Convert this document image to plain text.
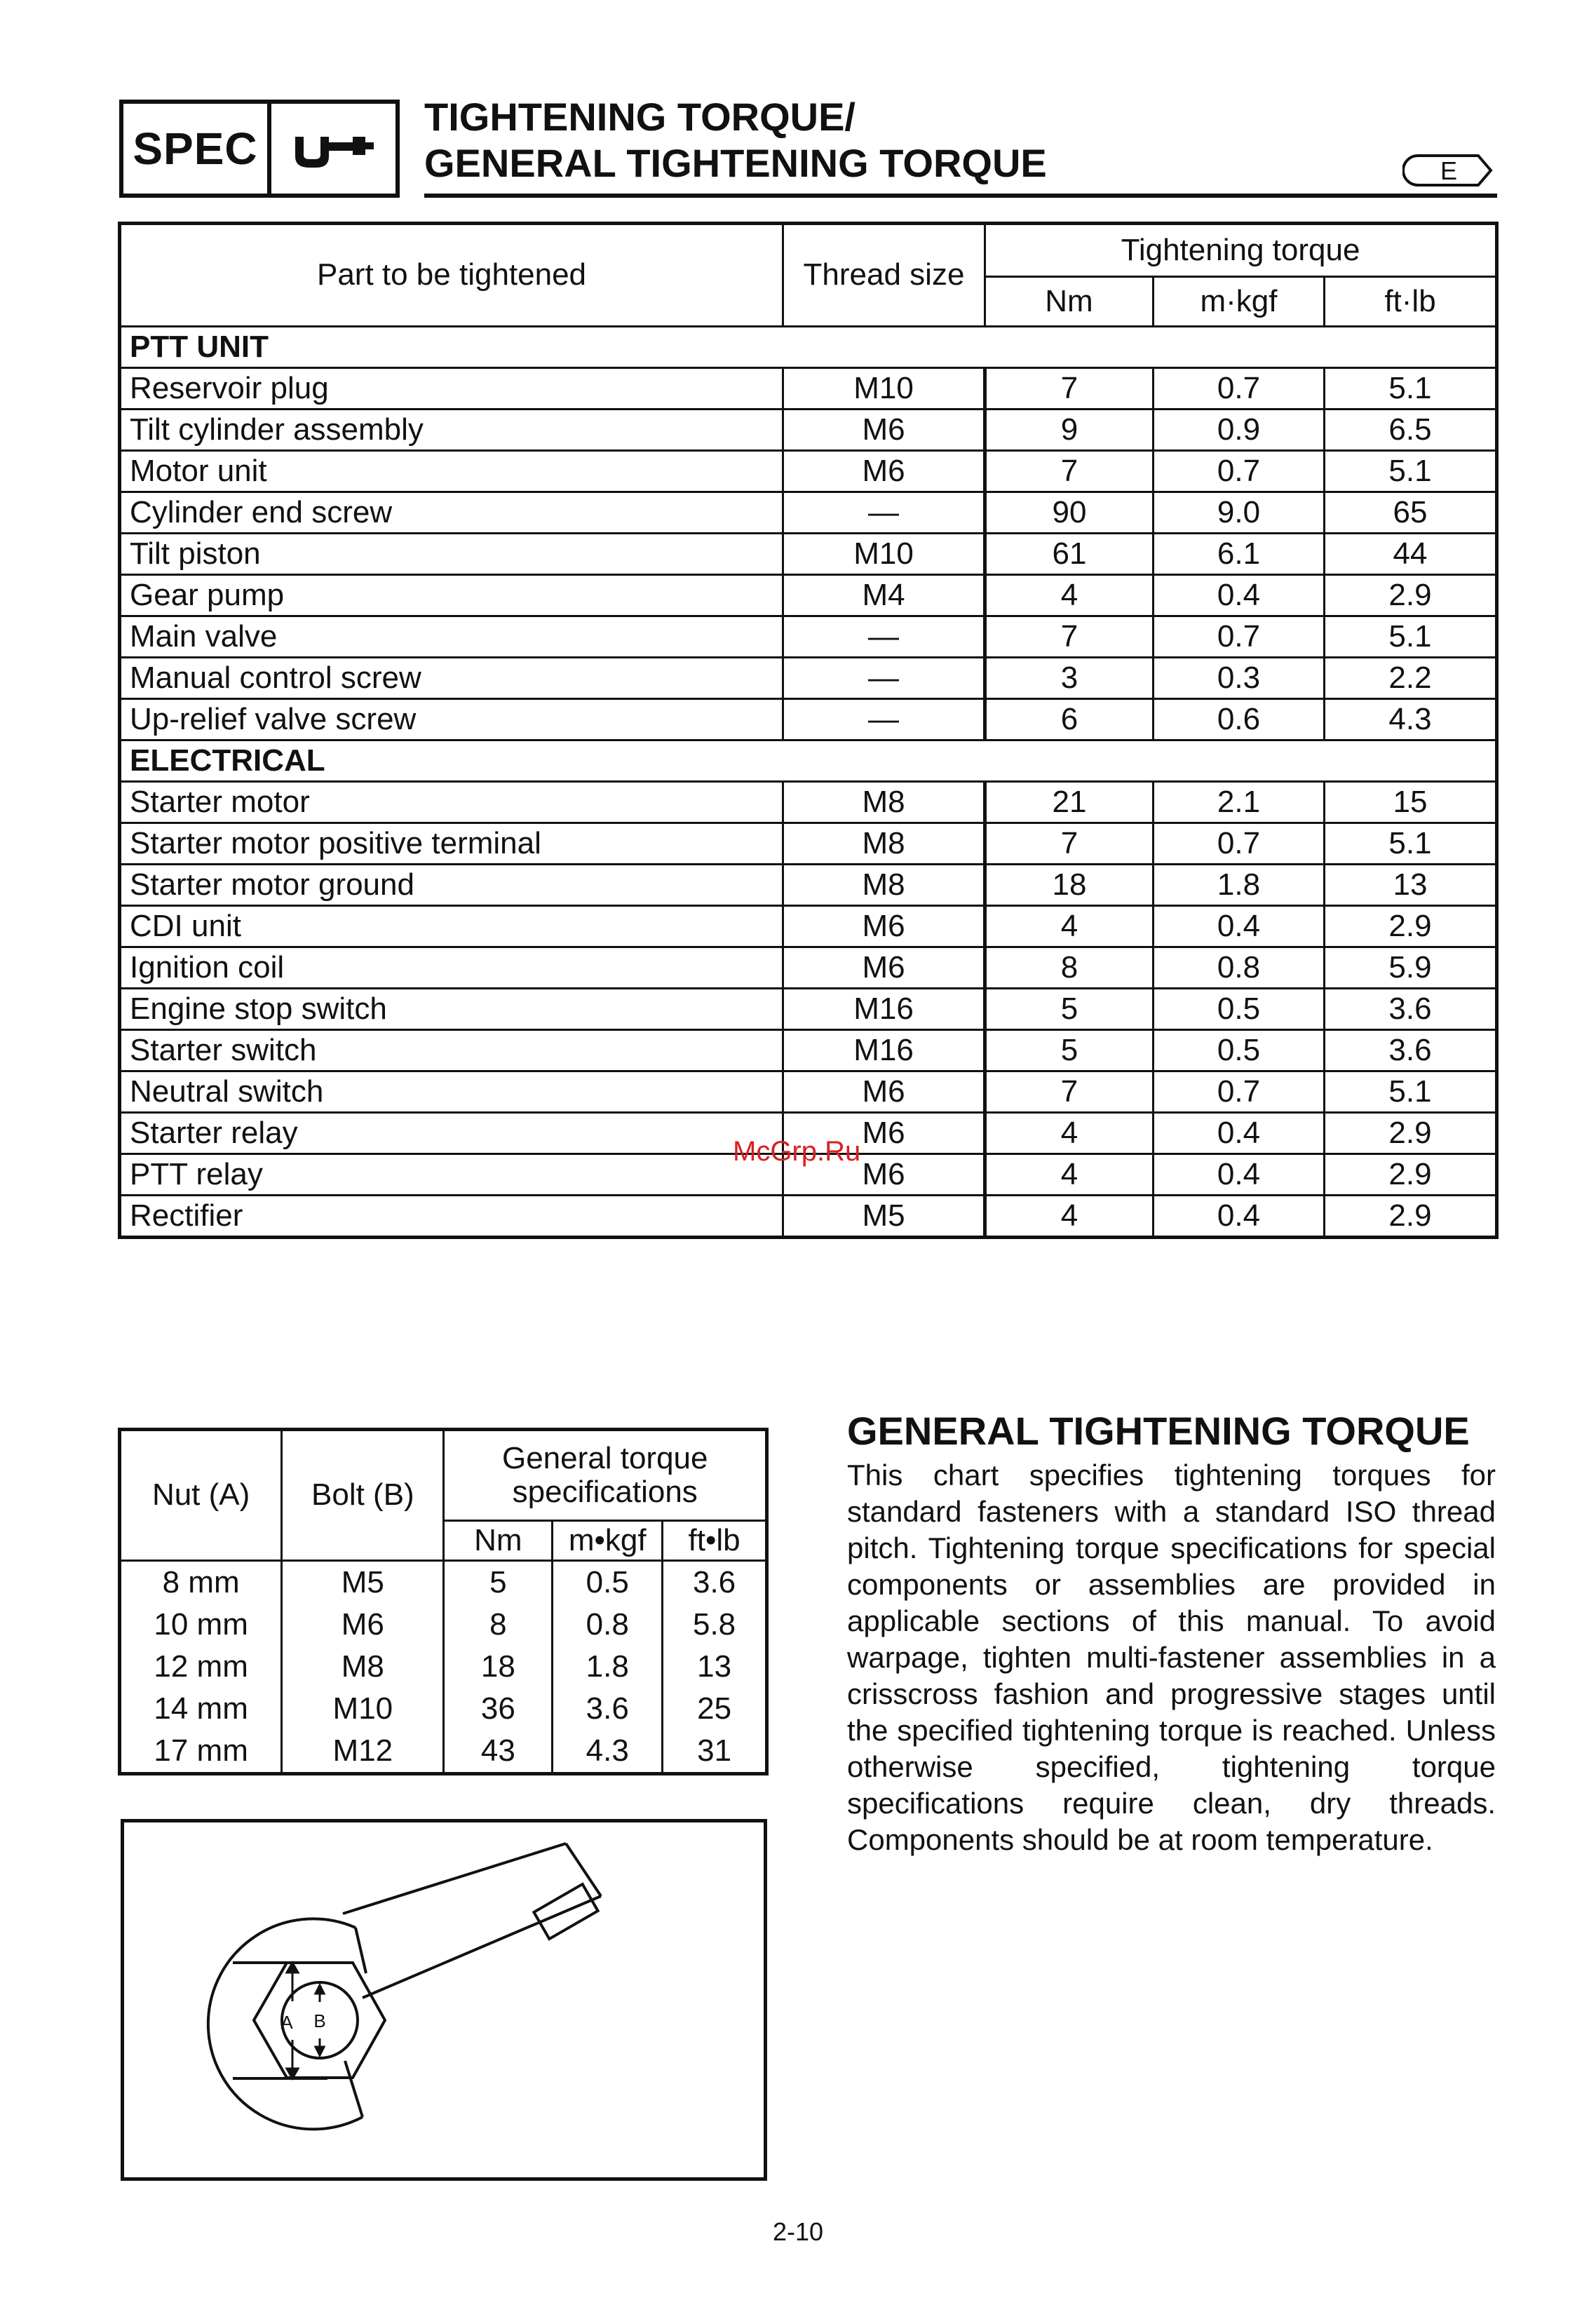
SPEC
TIGHTENING TORQUE/
GENERAL TIGHTENING TORQUE	E
Part to be tightened	Thread size	Tightening torque		
		Nm	m·kgf	ft·lb
PTT UNIT				
Reservoir plug	M10	7	0.7	5.1
Tilt cylinder assembly	M6	9	0.9	6.5
Motor unit	M6	7	0.7	5.1
Cylinder end screw	—	90	9.0	65
Tilt piston	M10	61	6.1	44
Gear pump	M4	4	0.4	2.9
Main valve	—	7	0.7	5.1
Manual control screw	—	3	0.3	2.2
Up-relief valve screw	—	6	0.6	4.3
ELECTRICAL				
Starter motor	M8	21	2.1	15
Starter motor positive terminal	M8	7	0.7	5.1
Starter motor ground	M8	18	1.8	13
CDI unit	M6	4	0.4	2.9
Ignition coil	M6	8	0.8	5.9
Engine stop switch	M16	5	0.5	3.6
Starter switch	M16	5	0.5	3.6
Neutral switch	M6	7	0.7	5.1
Starter relay	M6	4	0.4	2.9
PTT relay	M6	4	0.4	2.9
Rectifier	M5	4	0.4	2.9
McGrp.Ru
Nut (A)	Bolt (B)	General torque specifications		
		Nm	m•kgf	ft•lb
8 mm	M5	5	0.5	3.6
10 mm	M6	8	0.8	5.8
12 mm	M8	18	1.8	13
14 mm	M10	36	3.6	25
17 mm	M12	43	4.3	31
GENERAL TIGHTENING TORQUE
This chart specifies tightening torques for standard fasteners with a standard ISO thread pitch. Tightening torque specifications for special components or assemblies are provided in applicable sections of this manual. To avoid warpage, tighten multi-fastener assemblies in a crisscross fashion and progressive stages until the specified tightening torque is reached. Unless otherwise specified, tightening torque specifications require clean, dry threads. Components should be at room temperature.
A B
2-10
